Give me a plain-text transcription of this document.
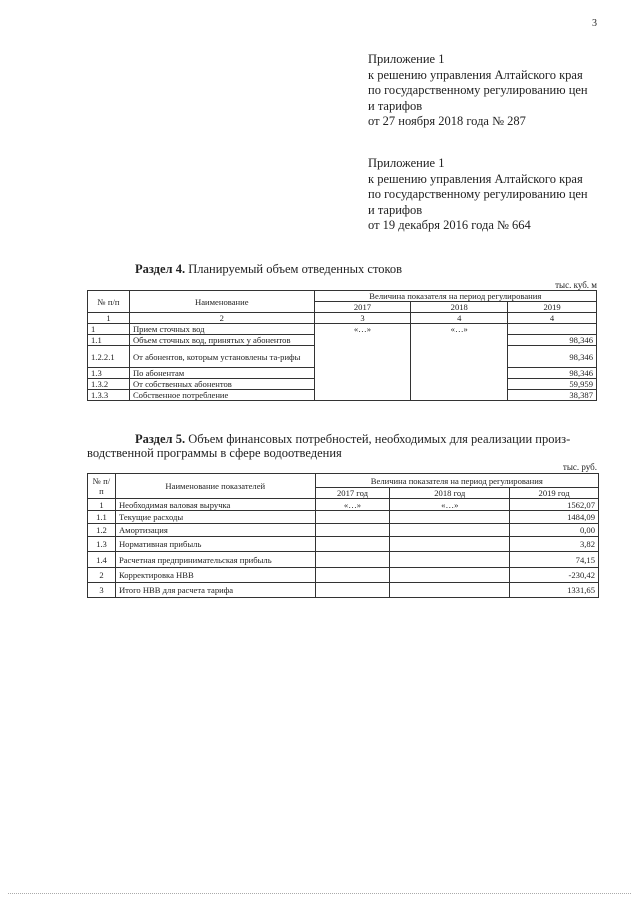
3
Приложение 1
к решению управления Алтайского края
по государственному регулированию цен
и тарифов
от 27 ноября 2018 года № 287
Приложение 1
к решению управления Алтайского края
по государственному регулированию цен
и тарифов
от 19 декабря 2016 года № 664
Раздел 4. Планируемый объем отведенных стоков
тыс. куб. м
№ п/п	Наименование	Величина показателя на период регулирования		
		2017	2018	2019
1	2	3	4	4
1	Прием сточных вод	«…»	«…»	
1.1	Объем сточных вод, принятых у абонентов			98,346
1.2.2.1	От абонентов, которым установлены та-рифы			98,346
1.3	По абонентам			98,346
1.3.2	От собственных абонентов			59,959
1.3.3	Собственное потребление			38,387
Раздел 5. Объем финансовых потребностей, необходимых для реализации произ-
водственной программы в сфере водоотведения
тыс. руб.
№ п/п	Наименование показателей	Величина показателя на период регулирования		
		2017 год	2018 год	2019 год
1	Необходимая валовая выручка	«…»	«…»	1562,07
1.1	Текущие расходы			1484,09
1.2	Амортизация			0,00
1.3	Нормативная прибыль			3,82
1.4	Расчетная предпринимательская прибыль			74,15
2	Корректировка НВВ			-230,42
3	Итого НВВ для расчета тарифа			1331,65
